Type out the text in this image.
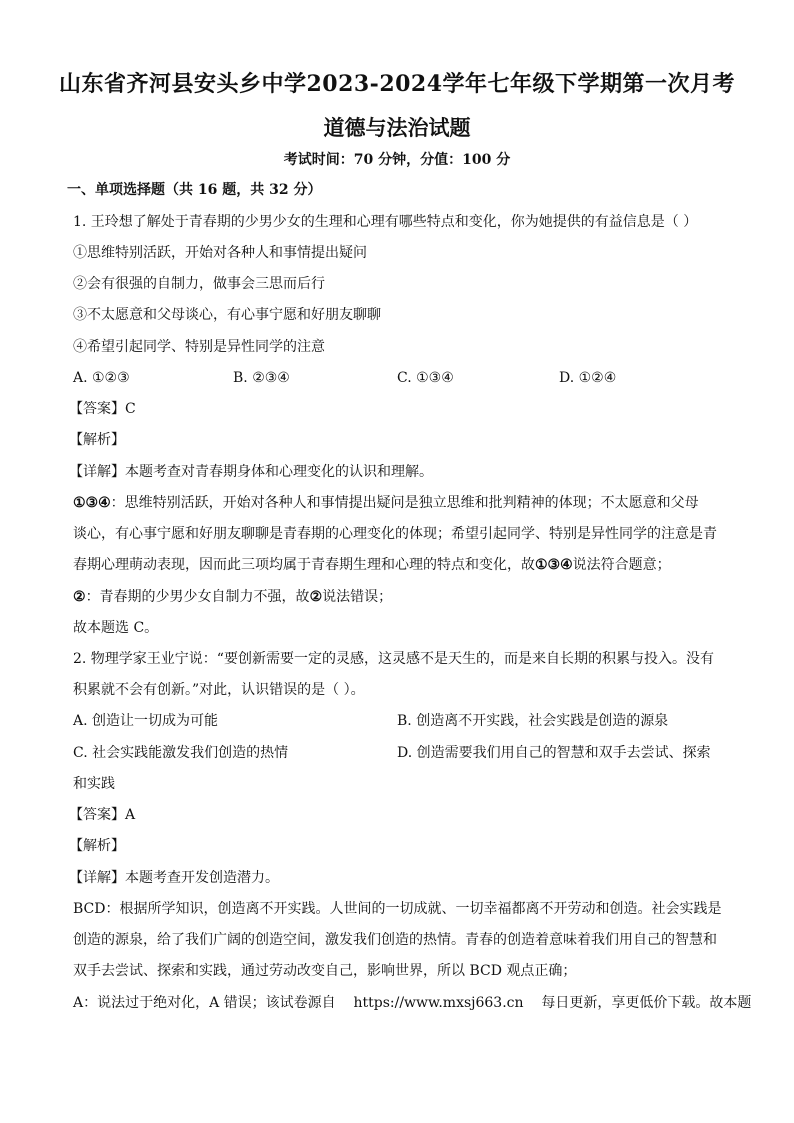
山东省齐河县安头乡中学2023-2024学年七年级下学期第一次月考
道德与法治试题
考试时间：70 分钟，分值：100 分
一、单项选择题（共 16 题，共 32 分）
1. 王玲想了解处于青春期的少男少女的生理和心理有哪些特点和变化，你为她提供的有益信息是（ ）
①思维特别活跃，开始对各种人和事情提出疑问
②会有很强的自制力，做事会三思而后行
③不太愿意和父母谈心，有心事宁愿和好朋友聊聊
④希望引起同学、特别是异性同学的注意
A. ①②③	B. ②③④	C. ①③④	D. ①②④
【答案】C
【解析】
【详解】本题考查对青春期身体和心理变化的认识和理解。
①③④：思维特别活跃，开始对各种人和事情提出疑问是独立思维和批判精神的体现；不太愿意和父母
谈心，有心事宁愿和好朋友聊聊是青春期的心理变化的体现；希望引起同学、特别是异性同学的注意是青
春期心理萌动表现，因而此三项均属于青春期生理和心理的特点和变化，故①③④说法符合题意；
②：青春期的少男少女自制力不强，故②说法错误；
故本题选 C。
2. 物理学家王业宁说：“要创新需要一定的灵感，这灵感不是天生的，而是来自长期的积累与投入。没有
积累就不会有创新。”对此，认识错误的是（ ）。
A. 创造让一切成为可能	B. 创造离不开实践，社会实践是创造的源泉
C. 社会实践能激发我们创造的热情	D. 创造需要我们用自己的智慧和双手去尝试、探索
和实践
【答案】A
【解析】
【详解】本题考查开发创造潜力。
BCD：根据所学知识，创造离不开实践。人世间的一切成就、一切幸福都离不开劳动和创造。社会实践是
创造的源泉，给了我们广阔的创造空间，激发我们创造的热情。青春的创造着意味着我们用自己的智慧和
双手去尝试、探索和实践，通过劳动改变自己，影响世界，所以 BCD 观点正确；
A：说法过于绝对化，A 错误；该试卷源自 https://www.mxsj663.cn 每日更新，享更低价下载。故本题
